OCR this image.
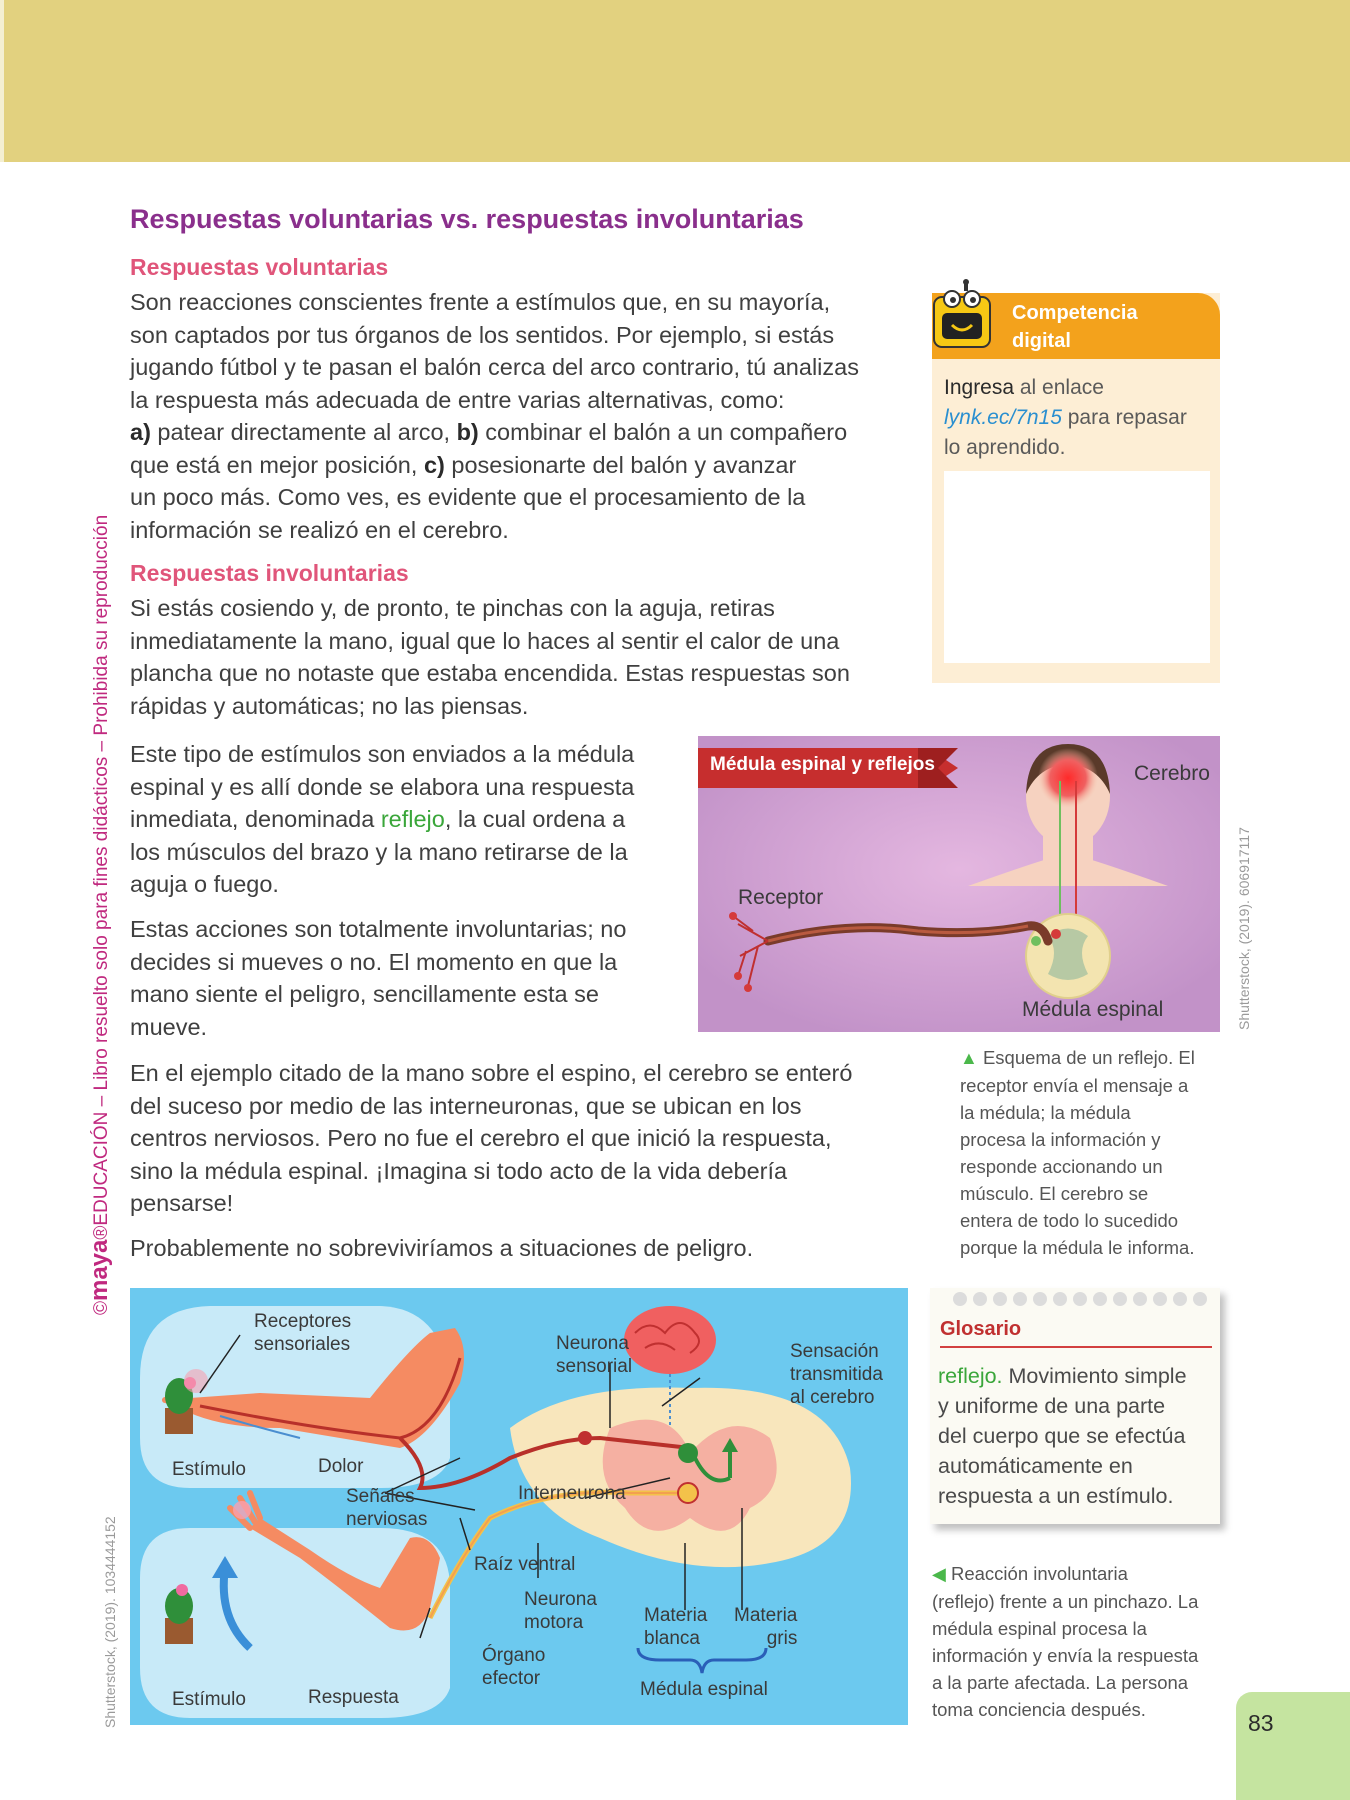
©maya®EDUCACIÓN – Libro resuelto solo para fines didácticos – Prohibida su reproducción	Shutterstock, (2019). 606917117
Shutterstock, (2019). 1034444152
Respuestas voluntarias vs. respuestas involuntarias
Respuestas voluntarias
Son reacciones conscientes frente a estímulos que, en su mayoría,
son captados por tus órganos de los sentidos. Por ejemplo, si estás
jugando fútbol y te pasan el balón cerca del arco contrario, tú analizas
la respuesta más adecuada de entre varias alternativas, como:
a) patear directamente al arco, b) combinar el balón a un compañero
que está en mejor posición, c) posesionarte del balón y avanzar
un poco más. Como ves, es evidente que el procesamiento de la
información se realizó en el cerebro.
Respuestas involuntarias
Si estás cosiendo y, de pronto, te pinchas con la aguja, retiras
inmediatamente la mano, igual que lo haces al sentir el calor de una
plancha que no notaste que estaba encendida. Estas respuestas son
rápidas y automáticas; no las piensas.
Este tipo de estímulos son enviados a la médula
espinal y es allí donde se elabora una respuesta
inmediata, denominada reflejo, la cual ordena a
los músculos del brazo y la mano retirarse de la
aguja o fuego.
Estas acciones son totalmente involuntarias; no
decides si mueves o no. El momento en que la
mano siente el peligro, sencillamente esta se
mueve.
En el ejemplo citado de la mano sobre el espino, el cerebro se enteró
del suceso por medio de las interneuronas, que se ubican en los
centros nerviosos. Pero no fue el cerebro el que inició la respuesta,
sino la médula espinal. ¡Imagina si todo acto de la vida debería
pensarse!
Probablemente no sobreviviríamos a situaciones de peligro.
Competencia
digital
Ingresa al enlace
lynk.ec/7n15 para repasar
lo aprendido.
Médula espinal y reflejos	Cerebro
Receptor
Médula espinal
▲ Esquema de un reflejo. El
receptor envía el mensaje a
la médula; la médula
procesa la información y
responde accionando un
músculo. El cerebro se
entera de todo lo sucedido
porque la médula le informa.
Receptores
sensoriales
Estímulo	Dolor
Señales
nerviosas
Neurona
sensorial
Sensación
transmitida
al cerebro
Interneurona
Raíz ventral
Neurona
motora	Materia
blanca
Materia
gris
Órgano
efector
Médula espinal
Estímulo	Respuesta
Glosario
reflejo. Movimiento simple
y uniforme de una parte
del cuerpo que se efectúa
automáticamente en
respuesta a un estímulo.
◀ Reacción involuntaria
(reflejo) frente a un pinchazo. La
médula espinal procesa la
información y envía la respuesta
a la parte afectada. La persona
toma conciencia después.
83
